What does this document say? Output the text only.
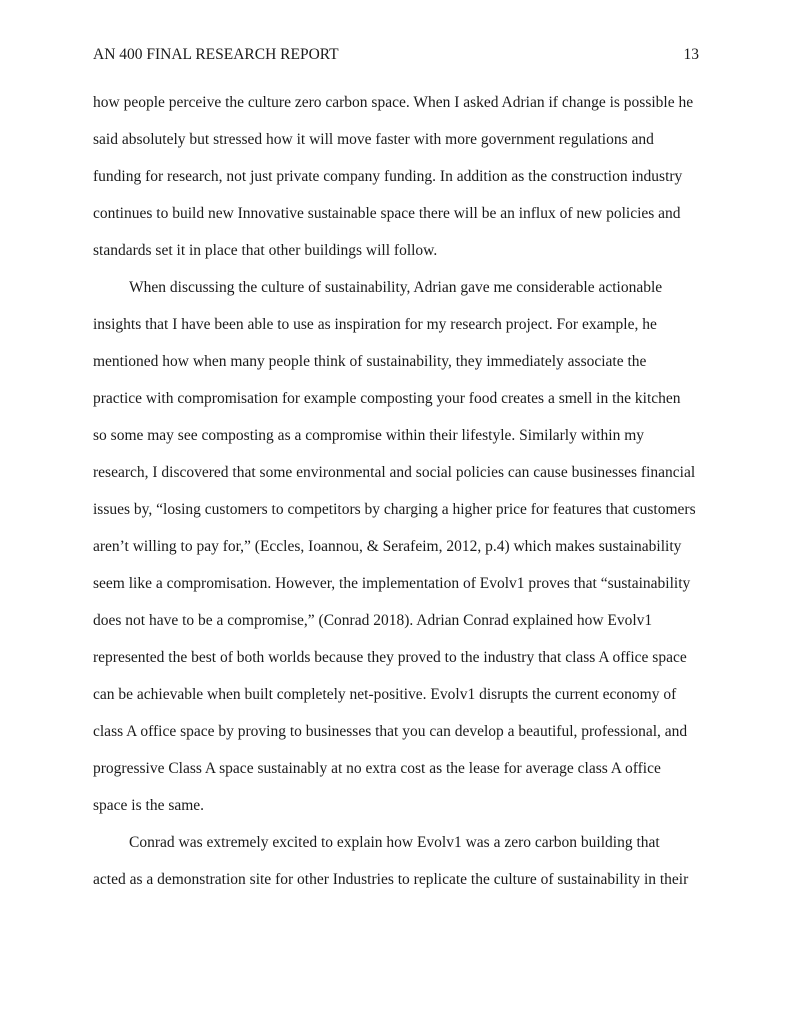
AN 400 FINAL RESEARCH REPORT	13
how people perceive the culture zero carbon space. When I asked Adrian if change is possible he
said absolutely but stressed how it will move faster with more government regulations and
funding for research, not just private company funding. In addition as the construction industry
continues to build new Innovative sustainable space there will be an influx of new policies and
standards set it in place that other buildings will follow.
When discussing the culture of sustainability, Adrian gave me considerable actionable
insights that I have been able to use as inspiration for my research project. For example, he
mentioned how when many people think of sustainability, they immediately associate the
practice with compromisation for example composting your food creates a smell in the kitchen
so some may see composting as a compromise within their lifestyle. Similarly within my
research, I discovered that some environmental and social policies can cause businesses financial
issues by, “losing customers to competitors by charging a higher price for features that customers
aren’t willing to pay for,” (Eccles, Ioannou, & Serafeim, 2012, p.4) which makes sustainability
seem like a compromisation. However, the implementation of Evolv1 proves that “sustainability
does not have to be a compromise,” (Conrad 2018). Adrian Conrad explained how Evolv1
represented the best of both worlds because they proved to the industry that class A office space
can be achievable when built completely net-positive. Evolv1 disrupts the current economy of
class A office space by proving to businesses that you can develop a beautiful, professional, and
progressive Class A space sustainably at no extra cost as the lease for average class A office
space is the same.
Conrad was extremely excited to explain how Evolv1 was a zero carbon building that
acted as a demonstration site for other Industries to replicate the culture of sustainability in their
